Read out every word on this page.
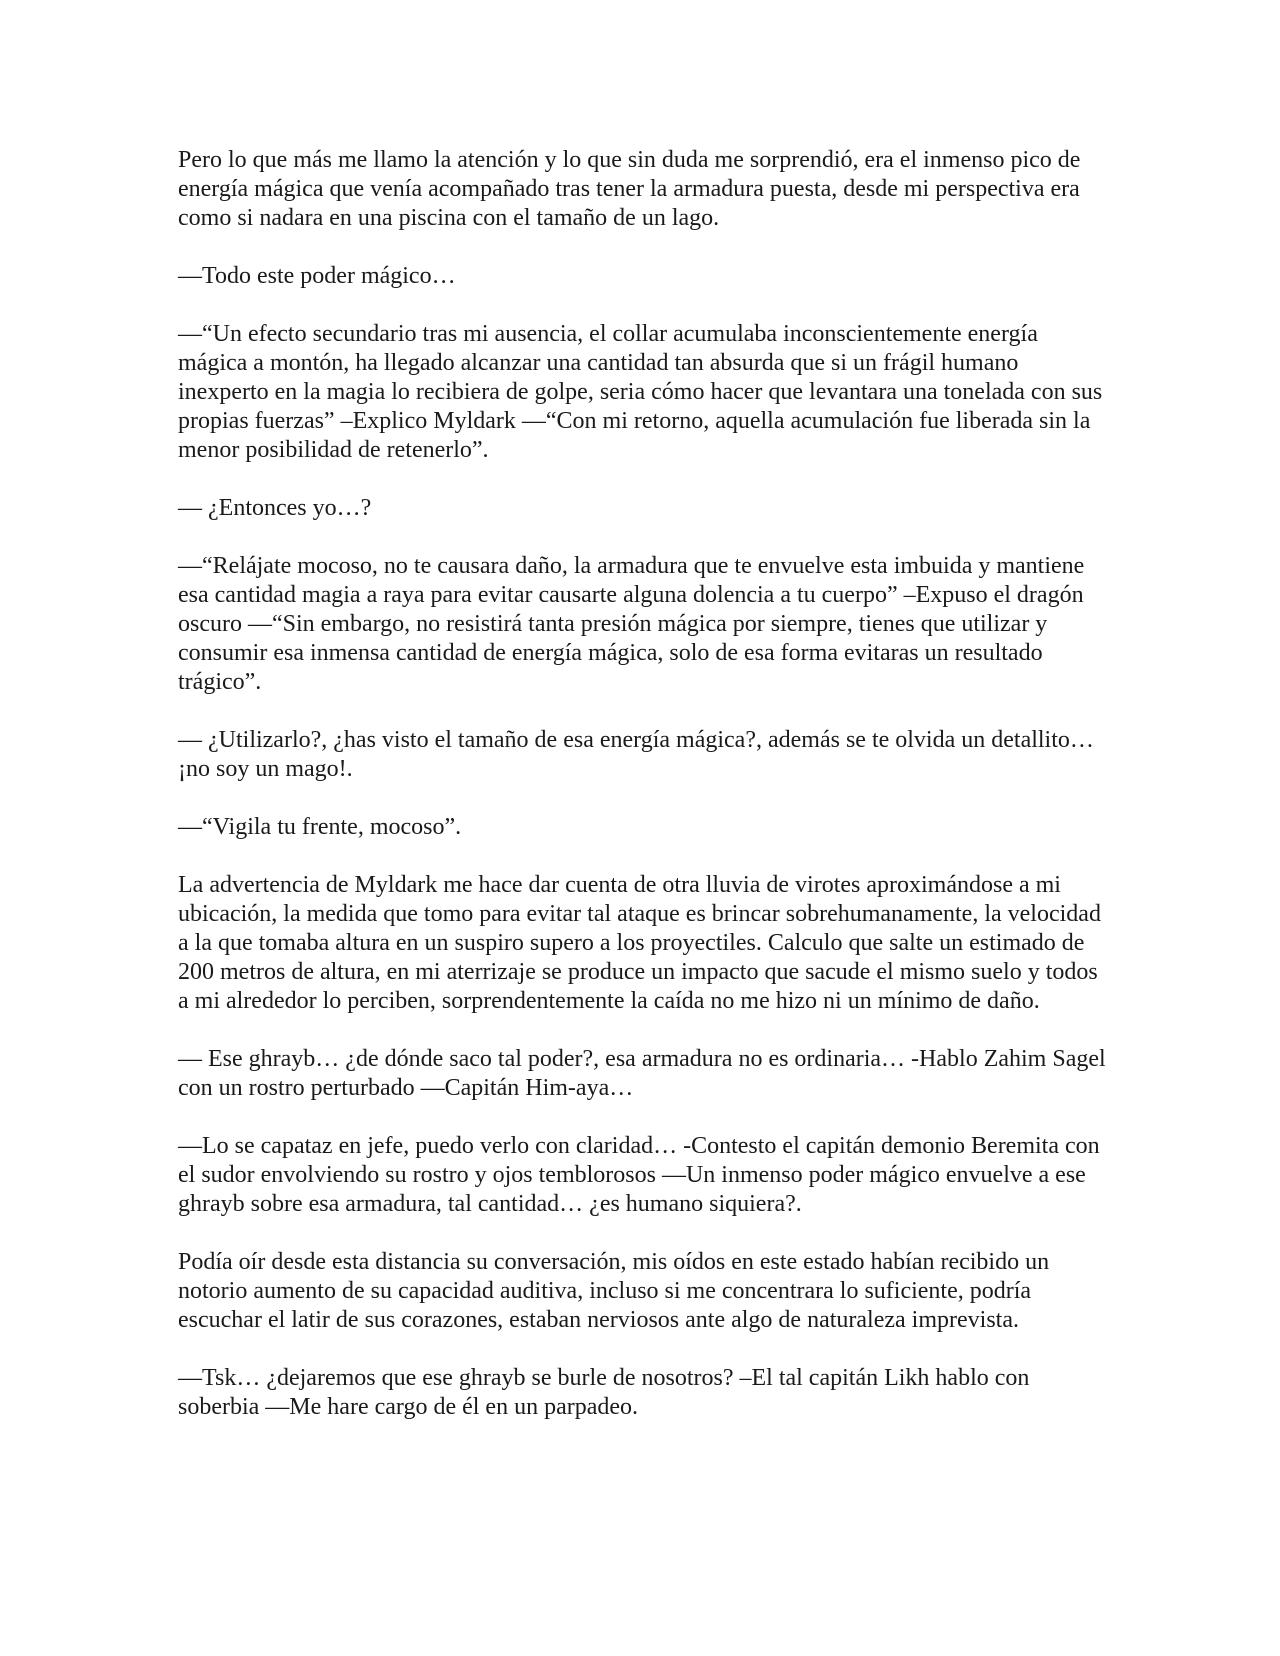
Pero lo que más me llamo la atención y lo que sin duda me sorprendió, era el inmenso pico de energía mágica que venía acompañado tras tener la armadura puesta, desde mi perspectiva era como si nadara en una piscina con el tamaño de un lago.

—Todo este poder mágico…

—“Un efecto secundario tras mi ausencia, el collar acumulaba inconscientemente energía mágica a montón, ha llegado alcanzar una cantidad tan absurda que si un frágil humano inexperto en la magia lo recibiera de golpe, seria cómo hacer que levantara una tonelada con sus propias fuerzas” –Explico Myldark —“Con mi retorno, aquella acumulación fue liberada sin la menor posibilidad de retenerlo”.

— ¿Entonces yo…?

—“Relájate mocoso, no te causara daño, la armadura que te envuelve esta imbuida y mantiene esa cantidad magia a raya para evitar causarte alguna dolencia a tu cuerpo” –Expuso el dragón oscuro —“Sin embargo, no resistirá tanta presión mágica por siempre, tienes que utilizar y consumir esa inmensa cantidad de energía mágica, solo de esa forma evitaras un resultado trágico”.

— ¿Utilizarlo?, ¿has visto el tamaño de esa energía mágica?, además se te olvida un detallito… ¡no soy un mago!.

—“Vigila tu frente, mocoso”.

La advertencia de Myldark me hace dar cuenta de otra lluvia de virotes aproximándose a mi ubicación, la medida que tomo para evitar tal ataque es brincar sobrehumanamente, la velocidad a la que tomaba altura en un suspiro supero a los proyectiles. Calculo que salte un estimado de 200 metros de altura, en mi aterrizaje se produce un impacto que sacude el mismo suelo y todos a mi alrededor lo perciben, sorprendentemente la caída no me hizo ni un mínimo de daño.

— Ese ghrayb… ¿de dónde saco tal poder?, esa armadura no es ordinaria… -Hablo Zahim Sagel con un rostro perturbado —Capitán Him-aya…

—Lo se capataz en jefe, puedo verlo con claridad… -Contesto el capitán demonio Beremita con el sudor envolviendo su rostro y ojos temblorosos —Un inmenso poder mágico envuelve a ese ghrayb sobre esa armadura, tal cantidad… ¿es humano siquiera?.

Podía oír desde esta distancia su conversación, mis oídos en este estado habían recibido un notorio aumento de su capacidad auditiva, incluso si me concentrara lo suficiente, podría escuchar el latir de sus corazones, estaban nerviosos ante algo de naturaleza imprevista.

—Tsk… ¿dejaremos que ese ghrayb se burle de nosotros? –El tal capitán Likh hablo con soberbia —Me hare cargo de él en un parpadeo.
